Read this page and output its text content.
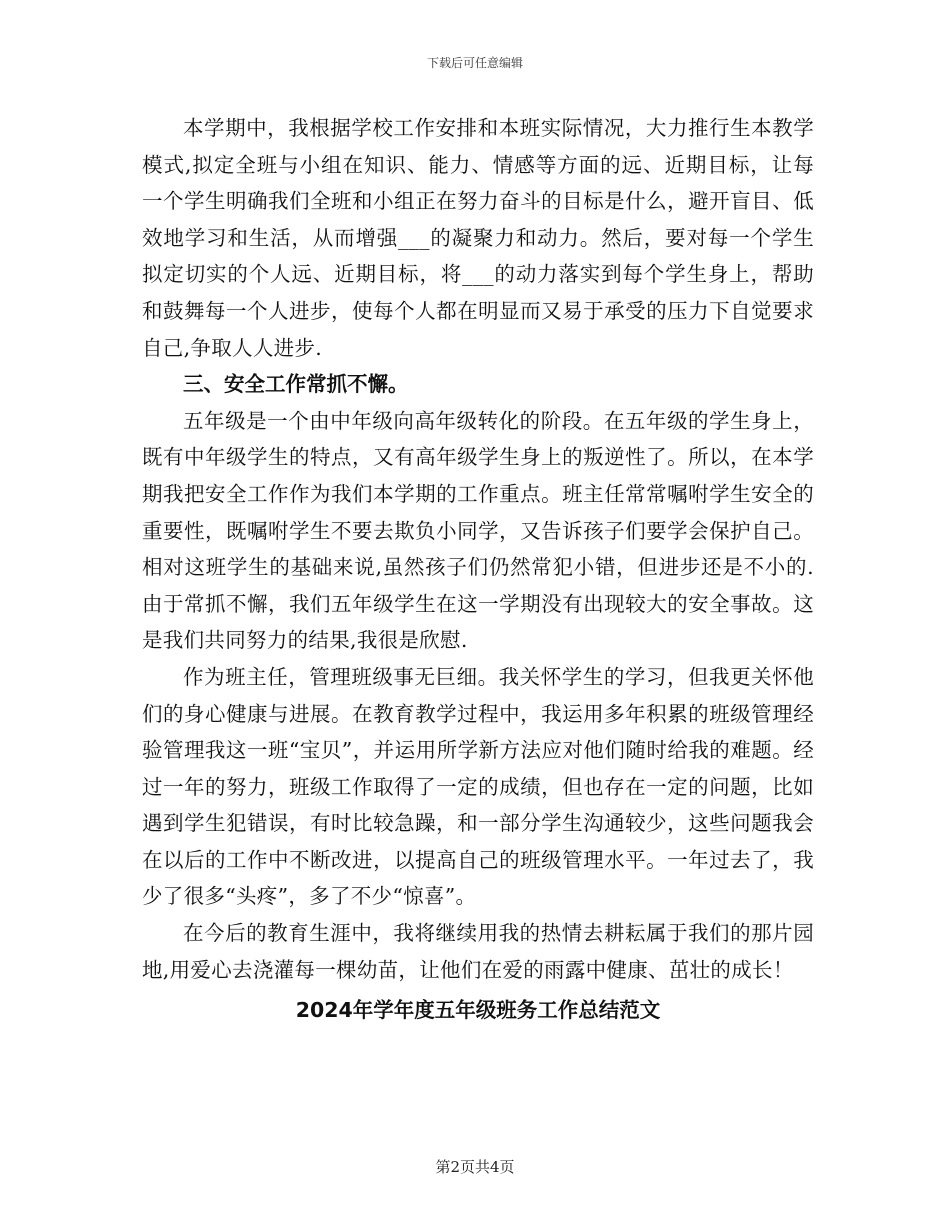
下载后可任意编辑

本学期中，我根据学校工作安排和本班实际情况，大力推行生本教学模式,拟定全班与小组在知识、能力、情感等方面的远、近期目标，让每一个学生明确我们全班和小组正在努力奋斗的目标是什么，避开盲目、低效地学习和生活，从而增强___的凝聚力和动力。然后，要对每一个学生拟定切实的个人远、近期目标，将___的动力落实到每个学生身上，帮助和鼓舞每一个人进步，使每个人都在明显而又易于承受的压力下自觉要求自己,争取人人进步.

三、安全工作常抓不懈。

五年级是一个由中年级向高年级转化的阶段。在五年级的学生身上，既有中年级学生的特点，又有高年级学生身上的叛逆性了。所以，在本学期我把安全工作作为我们本学期的工作重点。班主任常常嘱咐学生安全的重要性，既嘱咐学生不要去欺负小同学，又告诉孩子们要学会保护自己。相对这班学生的基础来说,虽然孩子们仍然常犯小错，但进步还是不小的.由于常抓不懈，我们五年级学生在这一学期没有出现较大的安全事故。这是我们共同努力的结果,我很是欣慰.

作为班主任，管理班级事无巨细。我关怀学生的学习，但我更关怀他们的身心健康与进展。在教育教学过程中，我运用多年积累的班级管理经验管理我这一班“宝贝”，并运用所学新方法应对他们随时给我的难题。经过一年的努力，班级工作取得了一定的成绩，但也存在一定的问题，比如遇到学生犯错误，有时比较急躁，和一部分学生沟通较少，这些问题我会在以后的工作中不断改进，以提高自己的班级管理水平。一年过去了，我少了很多“头疼”，多了不少“惊喜”。

在今后的教育生涯中，我将继续用我的热情去耕耘属于我们的那片园地,用爱心去浇灌每一棵幼苗，让他们在爱的雨露中健康、茁壮的成长！

2024年学年度五年级班务工作总结范文

第2页共4页
